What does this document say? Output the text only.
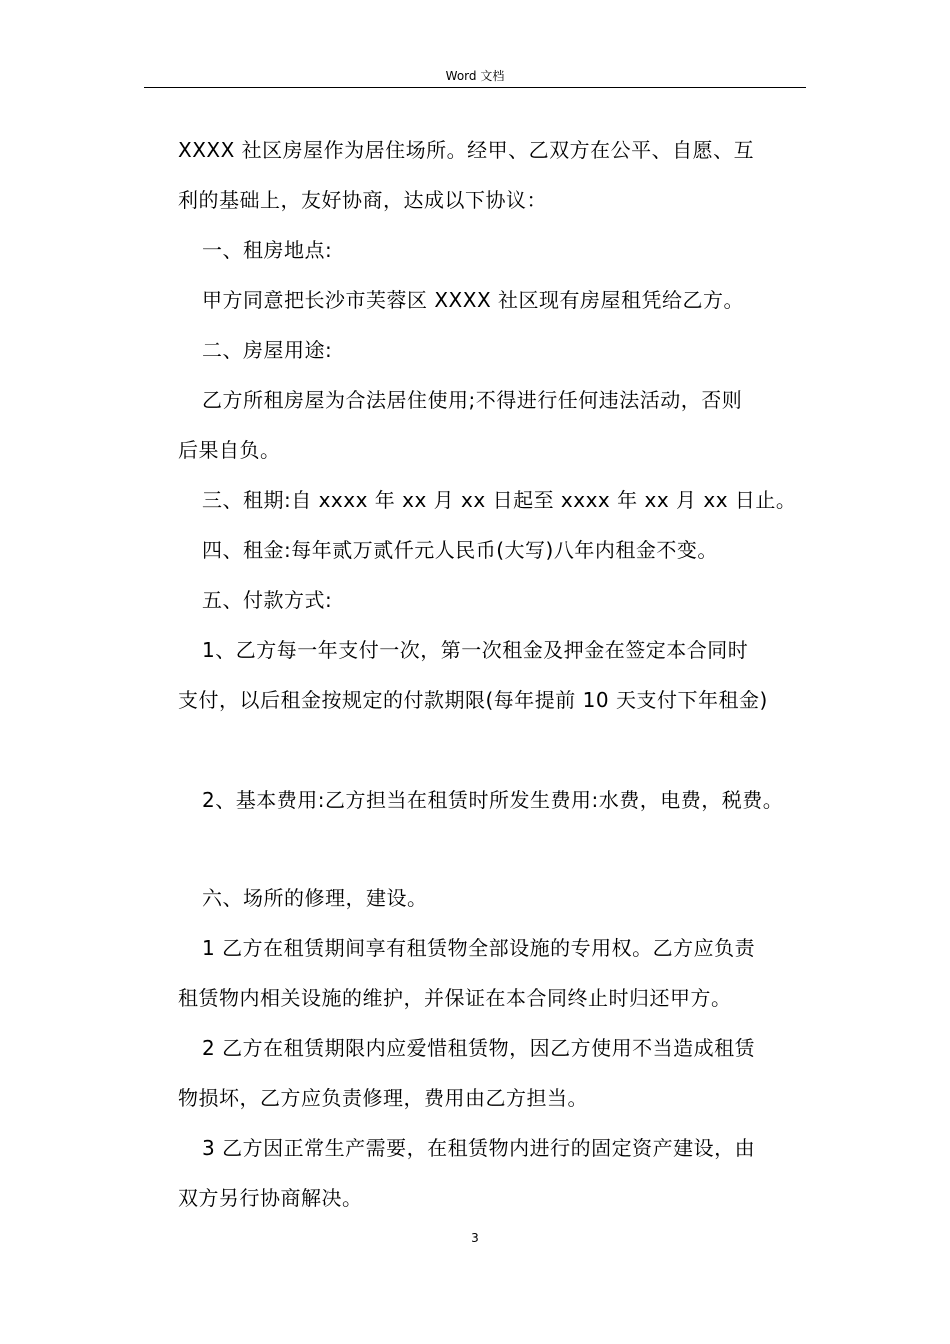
Word 文档
XXXX 社区房屋作为居住场所。经甲、乙双方在公平、自愿、互
利的基础上，友好协商，达成以下协议：
一、租房地点:
甲方同意把长沙市芙蓉区 XXXX 社区现有房屋租凭给乙方。
二、房屋用途:
乙方所租房屋为合法居住使用;不得进行任何违法活动，否则
后果自负。
三、租期:自 xxxx 年 xx 月 xx 日起至 xxxx 年 xx 月 xx 日止。
四、租金:每年贰万贰仟元人民币(大写)八年内租金不变。
五、付款方式:
1、乙方每一年支付一次，第一次租金及押金在签定本合同时
支付，以后租金按规定的付款期限(每年提前 10 天支付下年租金)
2、基本费用:乙方担当在租赁时所发生费用:水费，电费，税费。
六、场所的修理，建设。
1 乙方在租赁期间享有租赁物全部设施的专用权。乙方应负责
租赁物内相关设施的维护，并保证在本合同终止时归还甲方。
2 乙方在租赁期限内应爱惜租赁物，因乙方使用不当造成租赁
物损坏，乙方应负责修理，费用由乙方担当。
3 乙方因正常生产需要，在租赁物内进行的固定资产建设，由
双方另行协商解决。
3
